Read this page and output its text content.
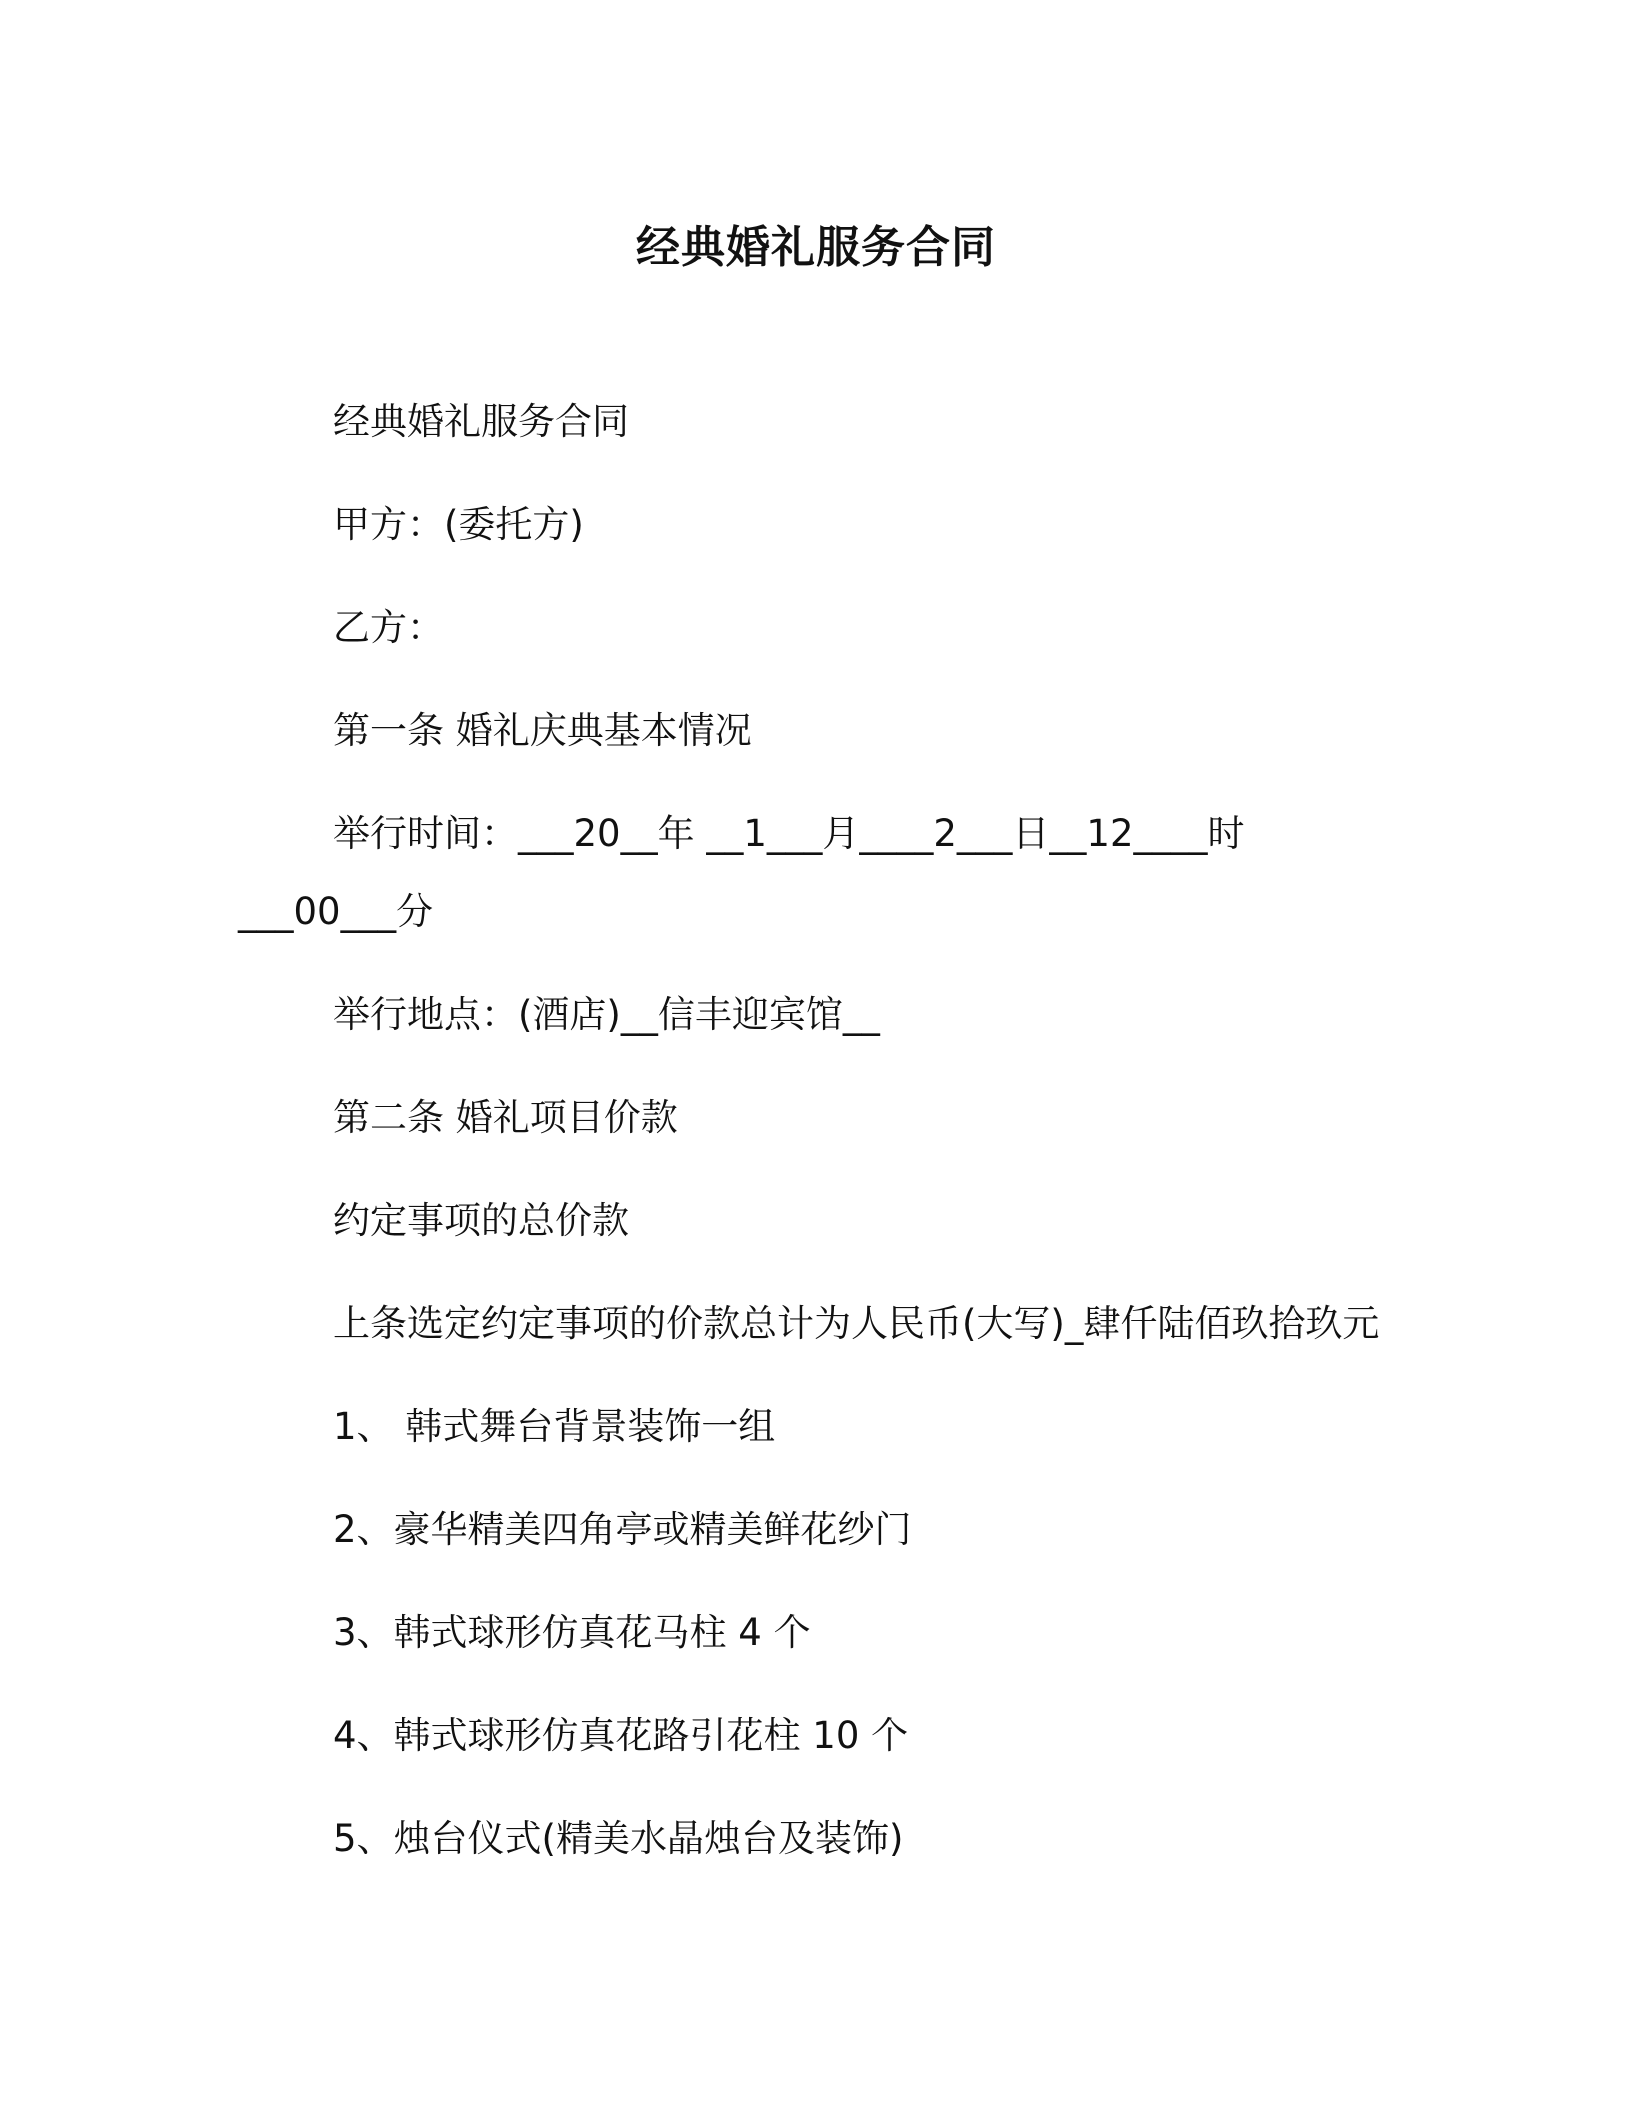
经典婚礼服务合同
经典婚礼服务合同
甲方：(委托方)
乙方：
第一条 婚礼庆典基本情况
举行时间：___20__年 __1___月____2___日__12____时
___00___分
举行地点：(酒店)__信丰迎宾馆__
第二条 婚礼项目价款
约定事项的总价款
上条选定约定事项的价款总计为人民币(大写)_肆仟陆佰玖拾玖元
1、 韩式舞台背景装饰一组
2、豪华精美四角亭或精美鲜花纱门
3、韩式球形仿真花马柱 4 个
4、韩式球形仿真花路引花柱 10 个
5、烛台仪式(精美水晶烛台及装饰)
